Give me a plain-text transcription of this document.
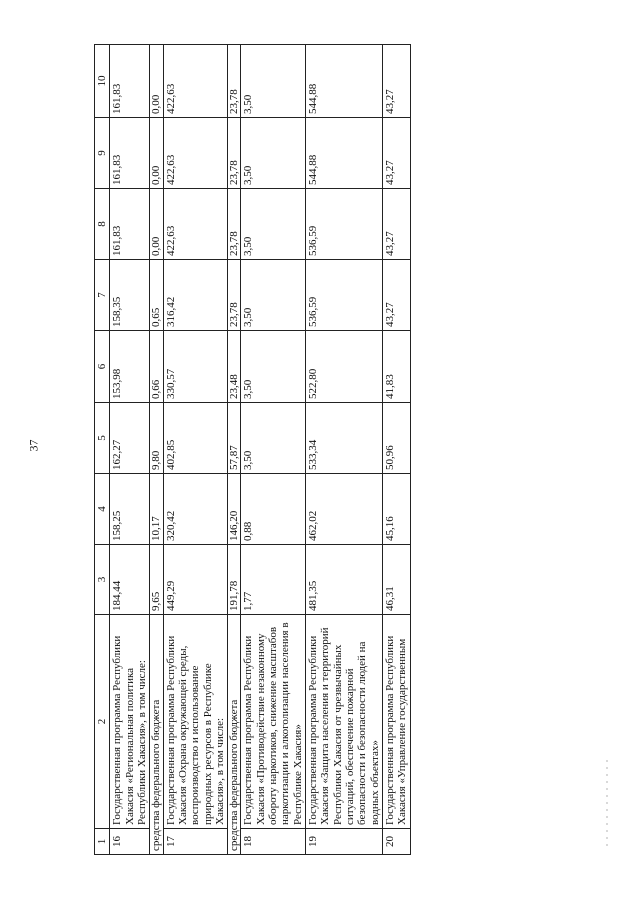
37
1	2	3	4	5	6	7	8	9	10
16	Государственная программа Республики Хакасия «Региональная политика Республики Хакасия», в том числе:	184,44	158,25	162,27	153,98	158,35	161,83	161,83	161,83
средства федерального бюджета		9,65	10,17	9,80	0,66	0,65	0,00	0,00	0,00
17	Государственная программа Республики Хакасия «Охрана окружающей среды, воспроизводство и использование природных ресурсов в Республике Хакасия», в том числе:	449,29	320,42	402,85	330,57	316,42	422,63	422,63	422,63
средства федерального бюджета		191,78	146,20	57,87	23,48	23,78	23,78	23,78	23,78
18	Государственная программа Республики Хакасия «Противодействие незаконному обороту наркотиков, снижение масштабов наркотизации и алкоголизации населения в Республике Хакасия»	1,77	0,88	3,50	3,50	3,50	3,50	3,50	3,50
19	Государственная программа Республики Хакасия «Защита населения и территорий Республики Хакасия от чрезвычайных ситуаций, обеспечение пожарной безопасности и безопасности людей на водных объектах»	481,35	462,02	533,34	522,80	536,59	536,59	544,88	544,88
20	Государственная программа Республики Хакасия «Управление государственным	46,31	45,16	50,96	41,83	43,27	43,27	43,27	43,27
